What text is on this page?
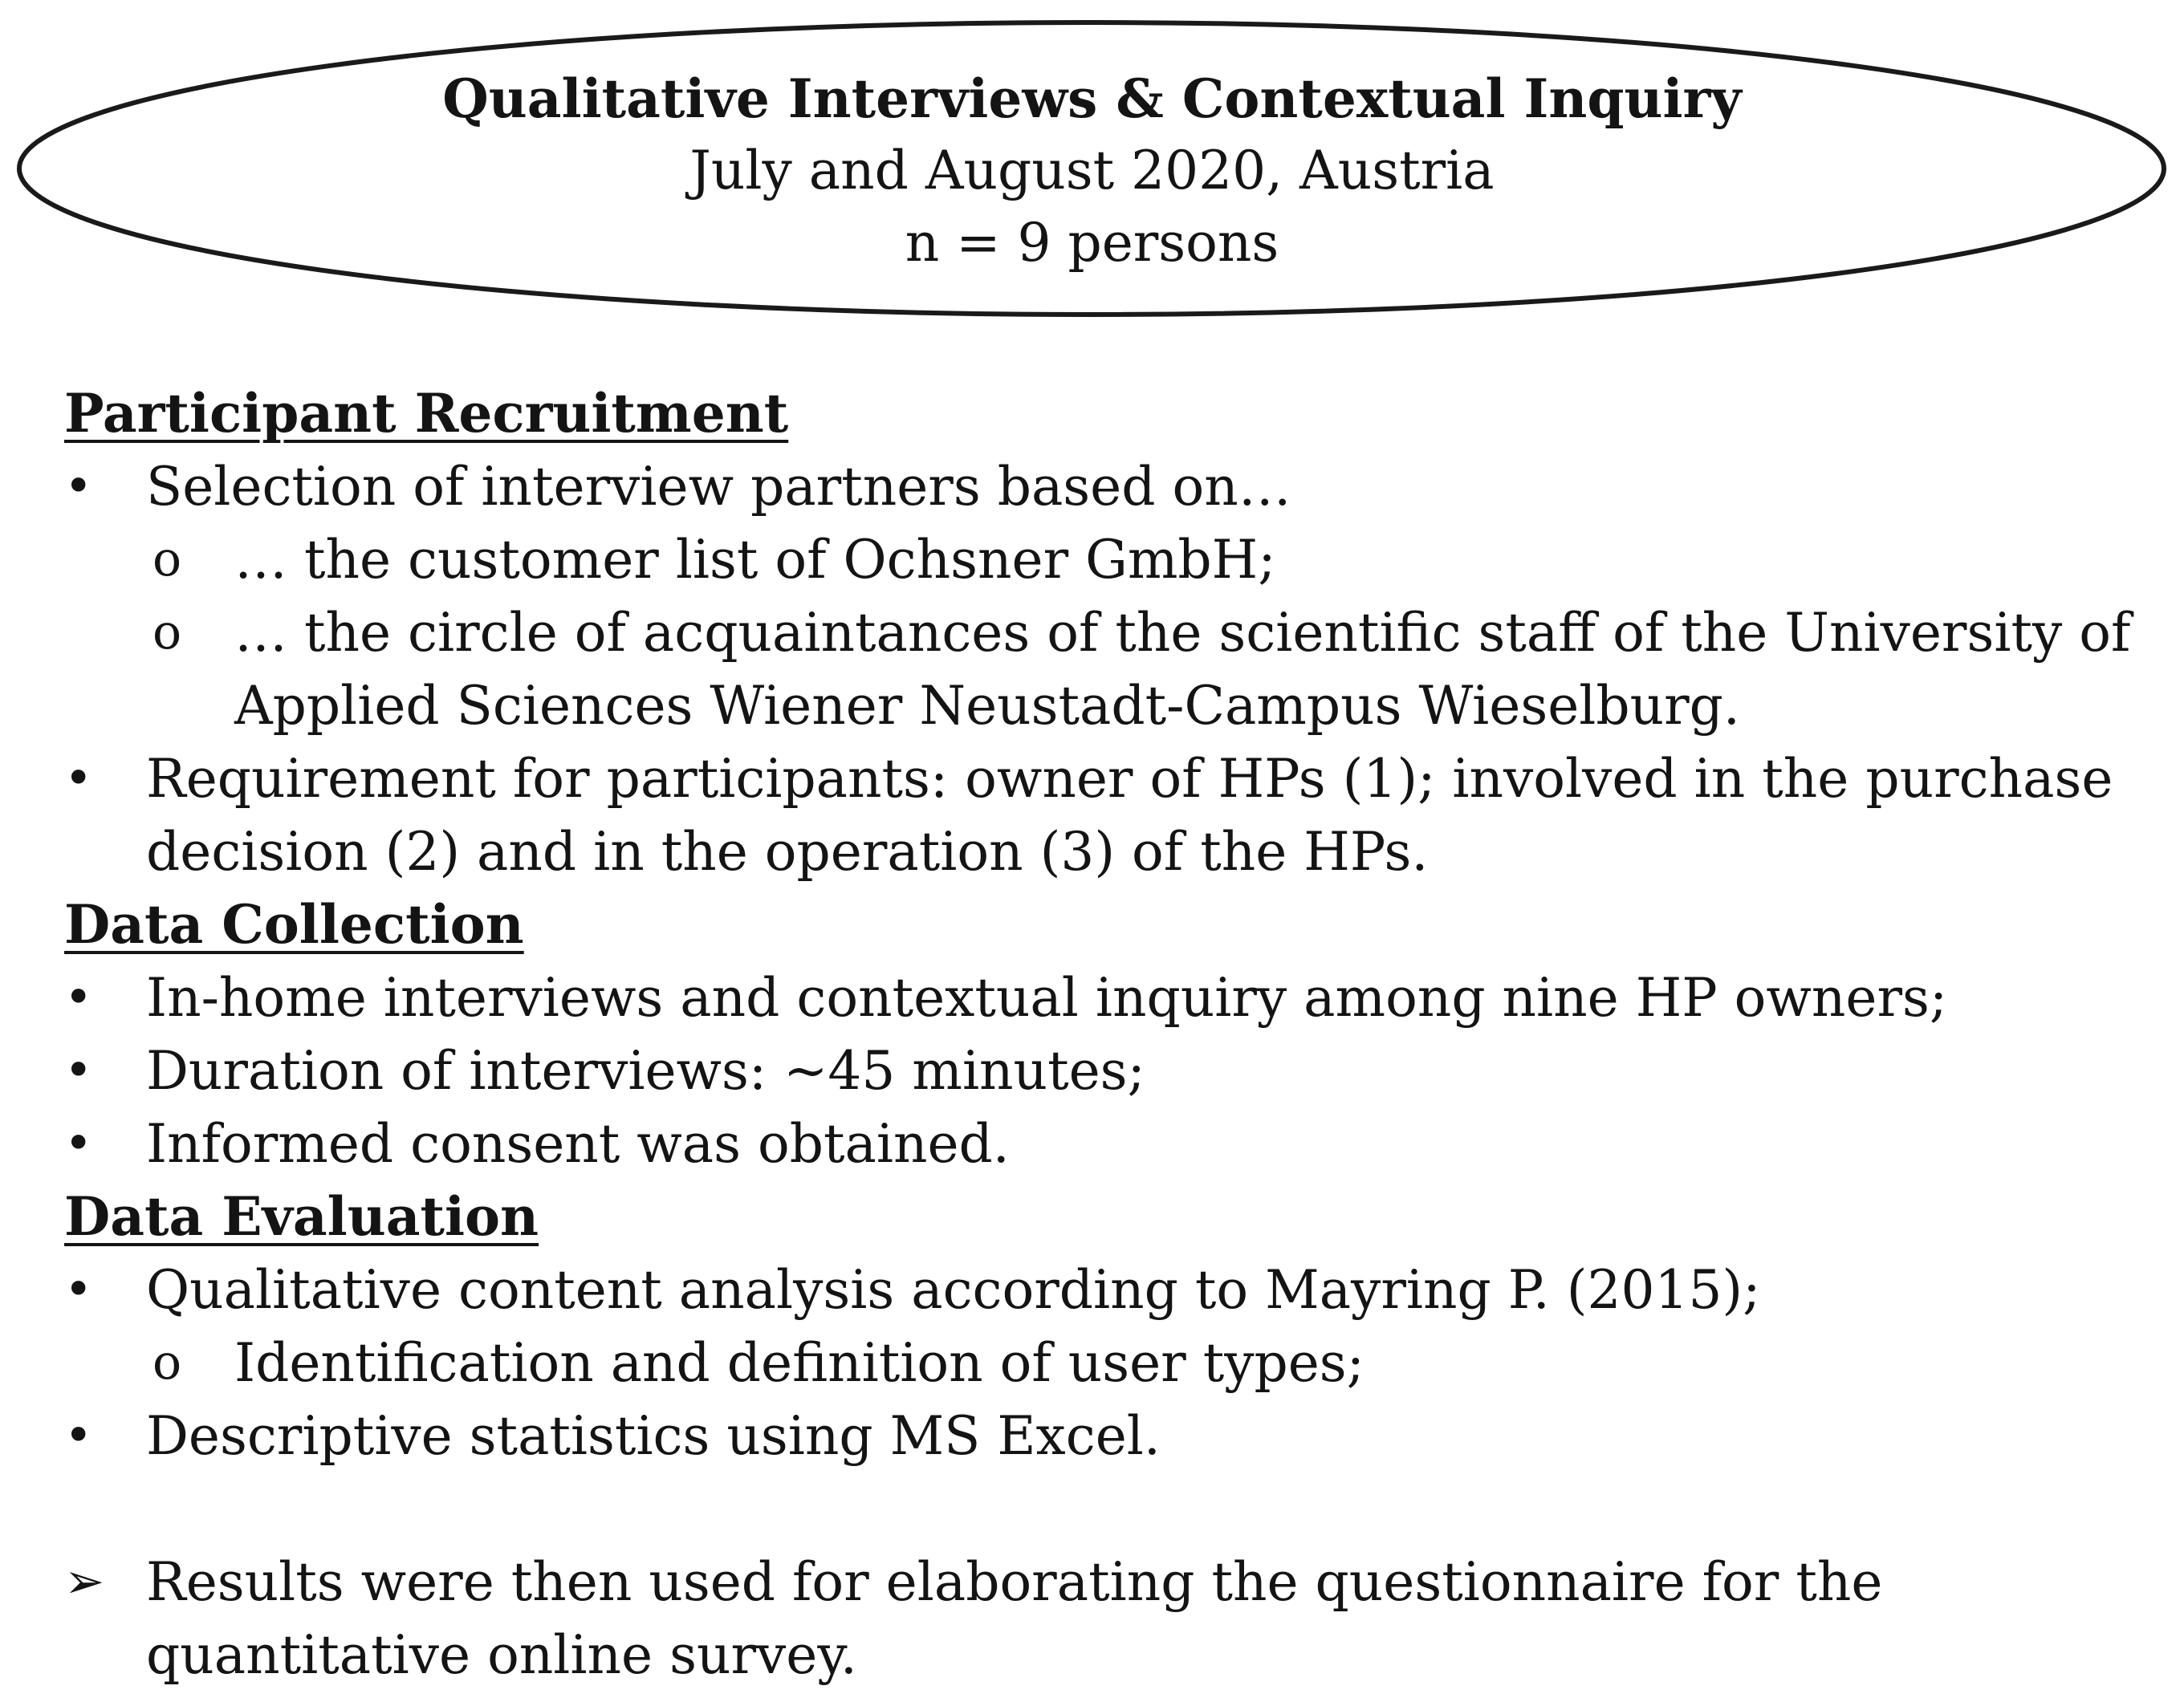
Qualitative Interviews & Contextual Inquiry
July and August 2020, Austria
n = 9 persons
Participant Recruitment
•	Selection of interview partners based on…
o … the customer list of Ochsner GmbH;
o … the circle of acquaintances of the scientific staff of the University of Applied Sciences Wiener Neustadt-Campus Wieselburg.
•	Requirement for participants: owner of HPs (1); involved in the purchase decision (2) and in the operation (3) of the HPs.
Data Collection
•	In-home interviews and contextual inquiry among nine HP owners;
•	Duration of interviews: ~45 minutes;
•	Informed consent was obtained.
Data Evaluation
•	Qualitative content analysis according to Mayring P. (2015);
o Identification and definition of user types;
•	Descriptive statistics using MS Excel.
➢ Results were then used for elaborating the questionnaire for the quantitative online survey.
